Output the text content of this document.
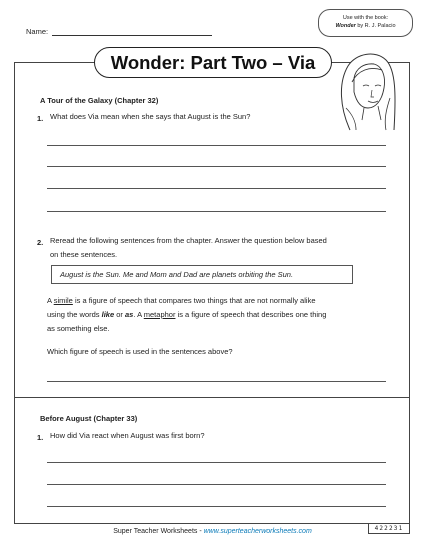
Name:
Use with the book:
Wonder by R. J. Palacio
Wonder: Part Two – Via
A Tour of the Galaxy (Chapter 32)
1. What does Via mean when she says that August is the Sun?
2. Reread the following sentences from the chapter. Answer the question below based
on these sentences.
August is the Sun. Me and Mom and Dad are planets orbiting the Sun.
A simile is a figure of speech that compares two things that are not normally alike
using the words like or as. A metaphor is a figure of speech that describes one thing
as something else.
Which figure of speech is used in the sentences above?
Before August (Chapter 33)
1. How did Via react when August was first born?
Super Teacher Worksheets - www.superteacherworksheets.com	422231
